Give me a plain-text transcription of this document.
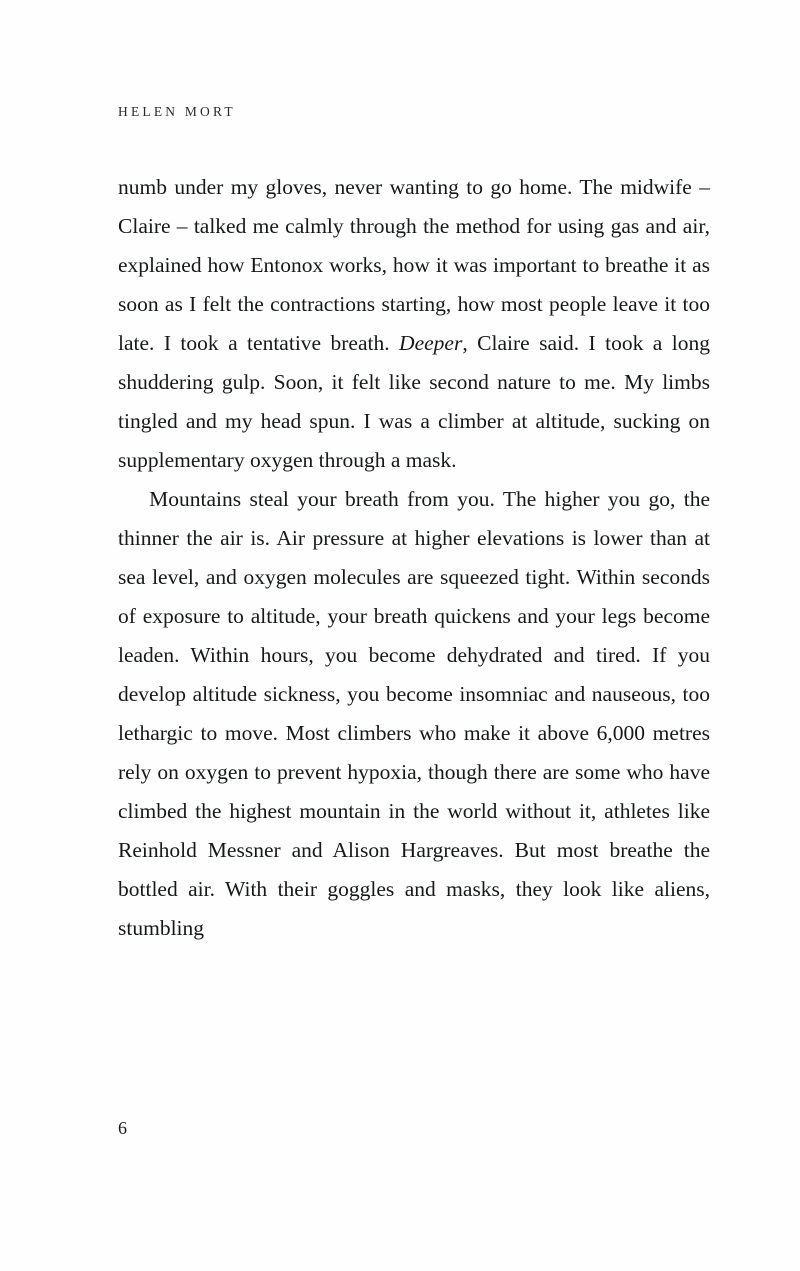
HELEN MORT

numb under my gloves, never wanting to go home. The midwife – Claire – talked me calmly through the method for using gas and air, explained how Entonox works, how it was important to breathe it as soon as I felt the contractions starting, how most people leave it too late. I took a tentative breath. Deeper, Claire said. I took a long shuddering gulp. Soon, it felt like second nature to me. My limbs tingled and my head spun. I was a climber at altitude, sucking on supplementary oxygen through a mask.

Mountains steal your breath from you. The higher you go, the thinner the air is. Air pressure at higher elevations is lower than at sea level, and oxygen molecules are squeezed tight. Within seconds of exposure to altitude, your breath quickens and your legs become leaden. Within hours, you become dehydrated and tired. If you develop altitude sickness, you become insomniac and nauseous, too lethargic to move. Most climbers who make it above 6,000 metres rely on oxygen to prevent hypoxia, though there are some who have climbed the highest mountain in the world without it, athletes like Reinhold Messner and Alison Hargreaves. But most breathe the bottled air. With their goggles and masks, they look like aliens, stumbling

6
